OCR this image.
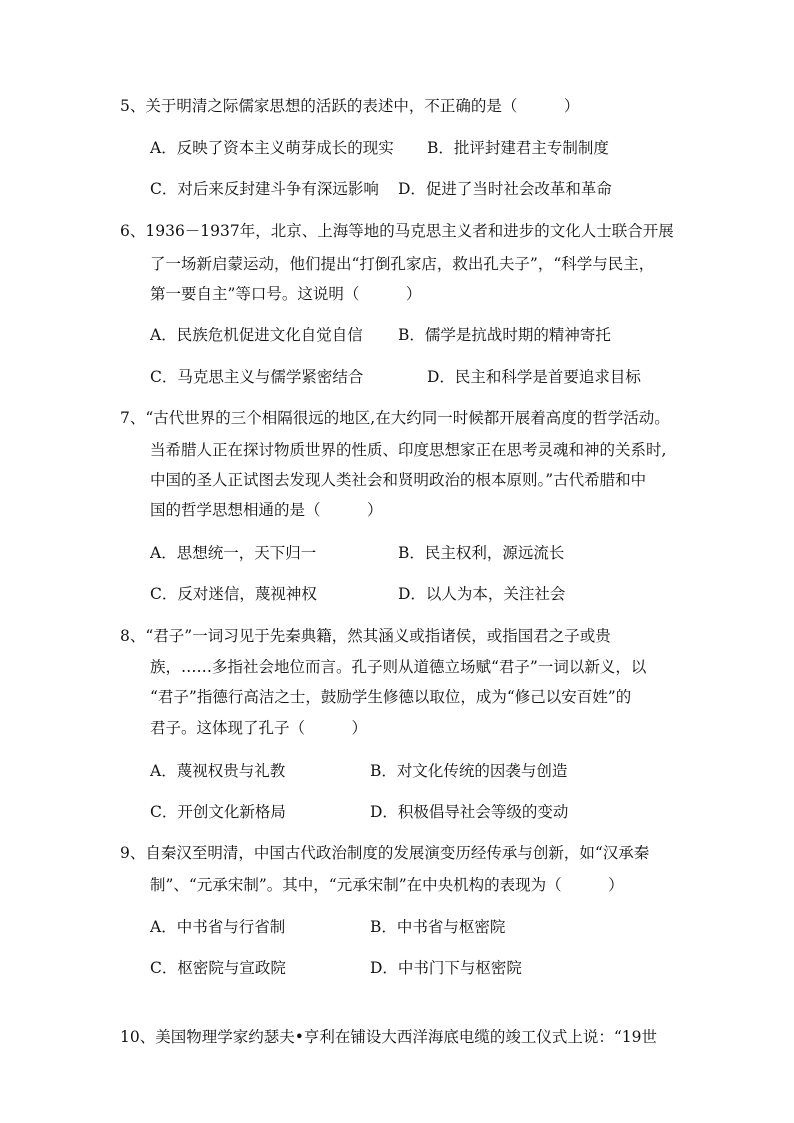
5、关于明清之际儒家思想的活跃的表述中，不正确的是（　　　）
A．反映了资本主义萌芽成长的现实 B．批评封建君主专制制度
C．对后来反封建斗争有深远影响 D．促进了当时社会改革和革命
6、1936－1937年，北京、上海等地的马克思主义者和进步的文化人士联合开展
了一场新启蒙运动，他们提出“打倒孔家店，救出孔夫子”，“科学与民主，
第一要自主”等口号。这说明（　　　）
A．民族危机促进文化自觉自信 B．儒学是抗战时期的精神寄托
C．马克思主义与儒学紧密结合	D．民主和科学是首要追求目标
7、“古代世界的三个相隔很远的地区,在大约同一时候都开展着高度的哲学活动。
当希腊人正在探讨物质世界的性质、印度思想家正在思考灵魂和神的关系时,
中国的圣人正试图去发现人类社会和贤明政治的根本原则。”古代希腊和中
国的哲学思想相通的是（　　　）
A．思想统一，天下归一	B．民主权利，源远流长
C．反对迷信，蔑视神权	D．以人为本，关注社会
8、“君子”一词习见于先秦典籍，然其涵义或指诸侯，或指国君之子或贵
族，……多指社会地位而言。孔子则从道德立场赋“君子”一词以新义，以
“君子”指德行高洁之士，鼓励学生修德以取位，成为“修己以安百姓”的
君子。这体现了孔子（　　　）
A．蔑视权贵与礼教	B．对文化传统的因袭与创造
C．开创文化新格局	D．积极倡导社会等级的变动
9、自秦汉至明清，中国古代政治制度的发展演变历经传承与创新，如“汉承秦
制”、“元承宋制”。其中，“元承宋制”在中央机构的表现为（　　　）
A．中书省与行省制	B．中书省与枢密院
C．枢密院与宣政院	D．中书门下与枢密院
10、美国物理学家约瑟夫•亨利在铺设大西洋海底电缆的竣工仪式上说：“19世
